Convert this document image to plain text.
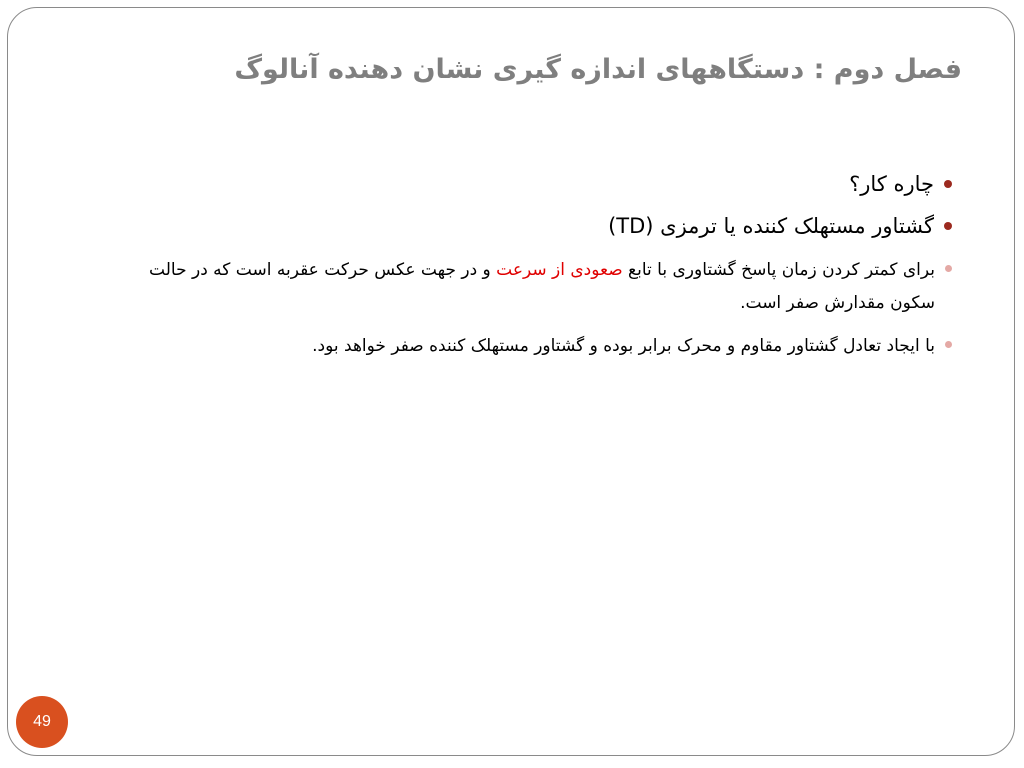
فصل دوم : دستگاههای اندازه گیری نشان دهنده آنالوگ
چاره کار؟
گشتاور مستهلک کننده یا ترمزی (TD)
برای کمتر کردن زمان پاسخ گشتاوری با تابع صعودی از سرعت و در جهت عکس حرکت عقربه است که در حالت سکون مقدارش صفر است.
با ایجاد تعادل گشتاور مقاوم و محرک برابر بوده و گشتاور مستهلک کننده صفر خواهد بود.
49
